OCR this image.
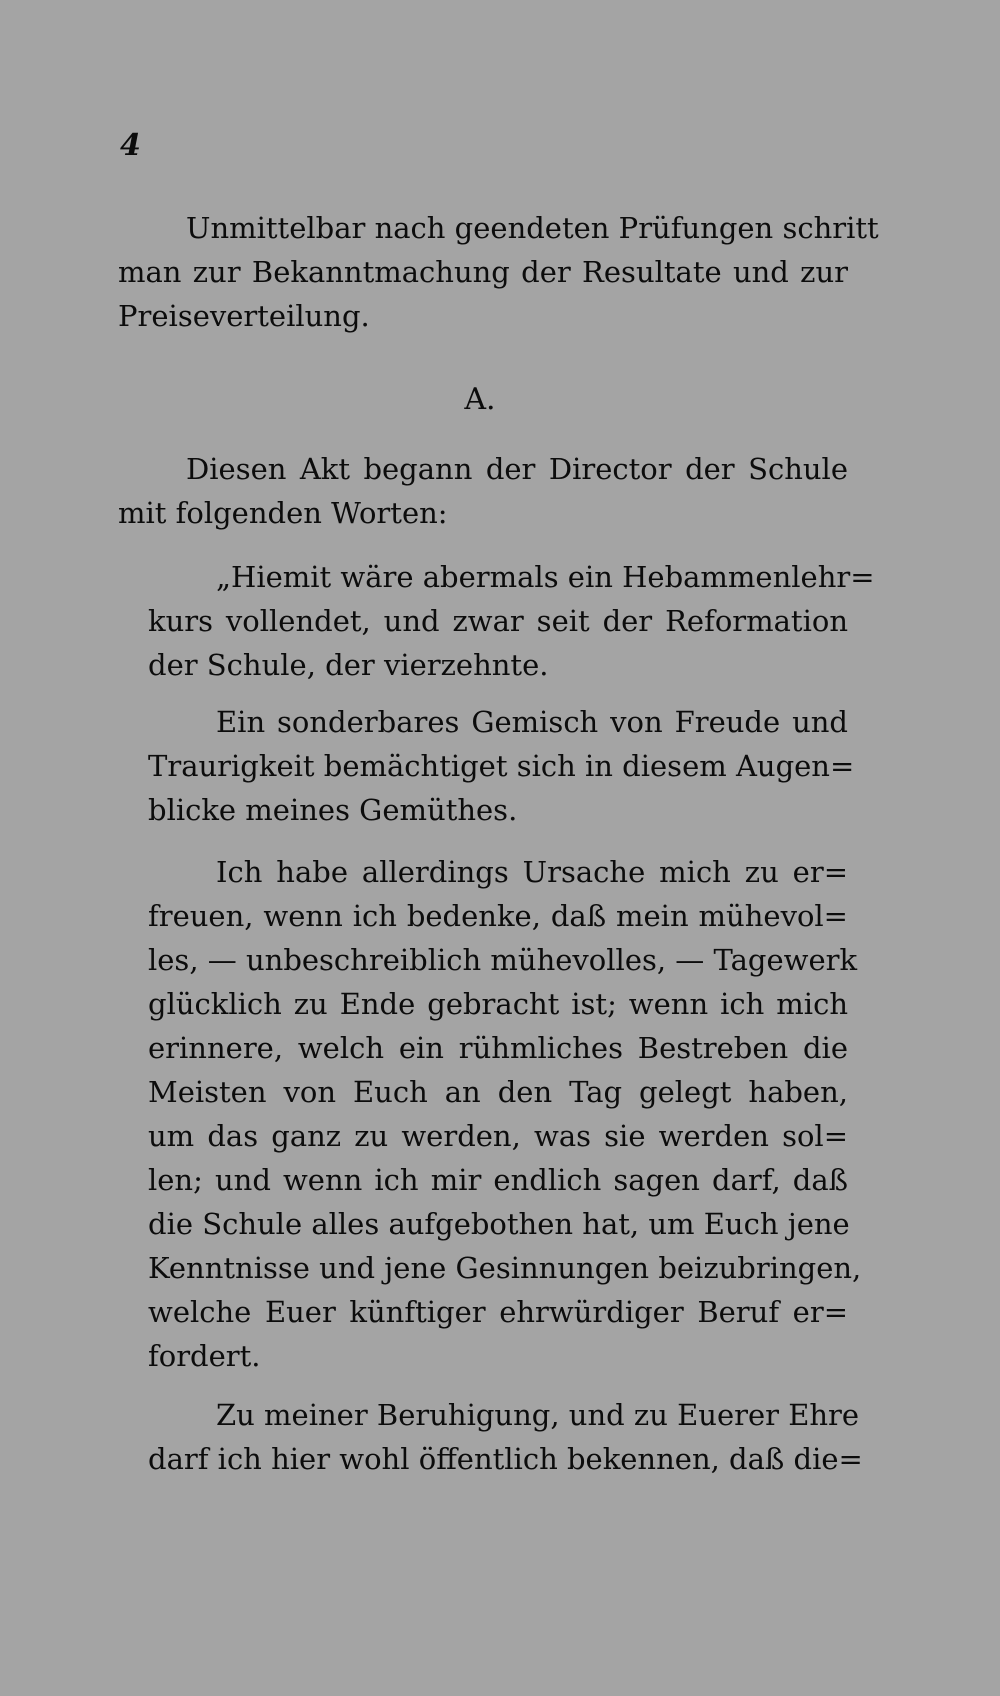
4
Unmittelbar nach geendeten Prüfungen schritt
man zur Bekanntmachung der Resultate und zur
Preiseverteilung.
A.
Diesen Akt begann der Director der Schule
mit folgenden Worten:
„Hiemit wäre abermals ein Hebammenlehr=
kurs vollendet, und zwar seit der Reformation
der Schule, der vierzehnte.
Ein sonderbares Gemisch von Freude und
Traurigkeit bemächtiget sich in diesem Augen=
blicke meines Gemüthes.
Ich habe allerdings Ursache mich zu er=
freuen, wenn ich bedenke, daß mein mühevol=
les, — unbeschreiblich mühevolles, — Tagewerk
glücklich zu Ende gebracht ist; wenn ich mich
erinnere, welch ein rühmliches Bestreben die
Meisten von Euch an den Tag gelegt haben,
um das ganz zu werden, was sie werden sol=
len; und wenn ich mir endlich sagen darf, daß
die Schule alles aufgebothen hat, um Euch jene
Kenntnisse und jene Gesinnungen beizubringen,
welche Euer künftiger ehrwürdiger Beruf er=
fordert.
Zu meiner Beruhigung, und zu Euerer Ehre
darf ich hier wohl öffentlich bekennen, daß die=
